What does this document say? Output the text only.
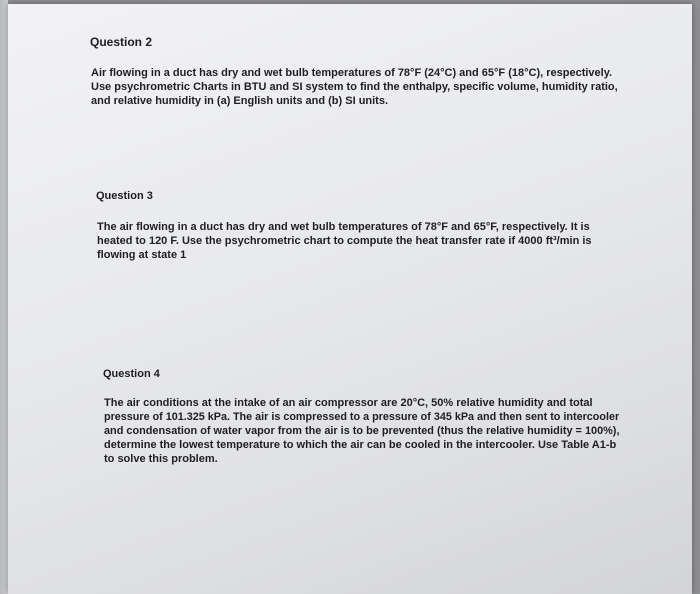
Question 2
Air flowing in a duct has dry and wet bulb temperatures of 78°F (24°C) and 65°F (18°C), respectively.
Use psychrometric Charts in BTU and SI system to find the enthalpy, specific volume, humidity ratio,
and relative humidity in (a) English units and (b) SI units.
Question 3
The air flowing in a duct has dry and wet bulb temperatures of 78°F and 65°F, respectively. It is
heated to 120 F. Use the psychrometric chart to compute the heat transfer rate if 4000 ft³/min is
flowing at state 1
Question 4
The air conditions at the intake of an air compressor are 20°C, 50% relative humidity and total
pressure of 101.325 kPa. The air is compressed to a pressure of 345 kPa and then sent to intercooler
and condensation of water vapor from the air is to be prevented (thus the relative humidity = 100%),
determine the lowest temperature to which the air can be cooled in the intercooler. Use Table A1-b
to solve this problem.
